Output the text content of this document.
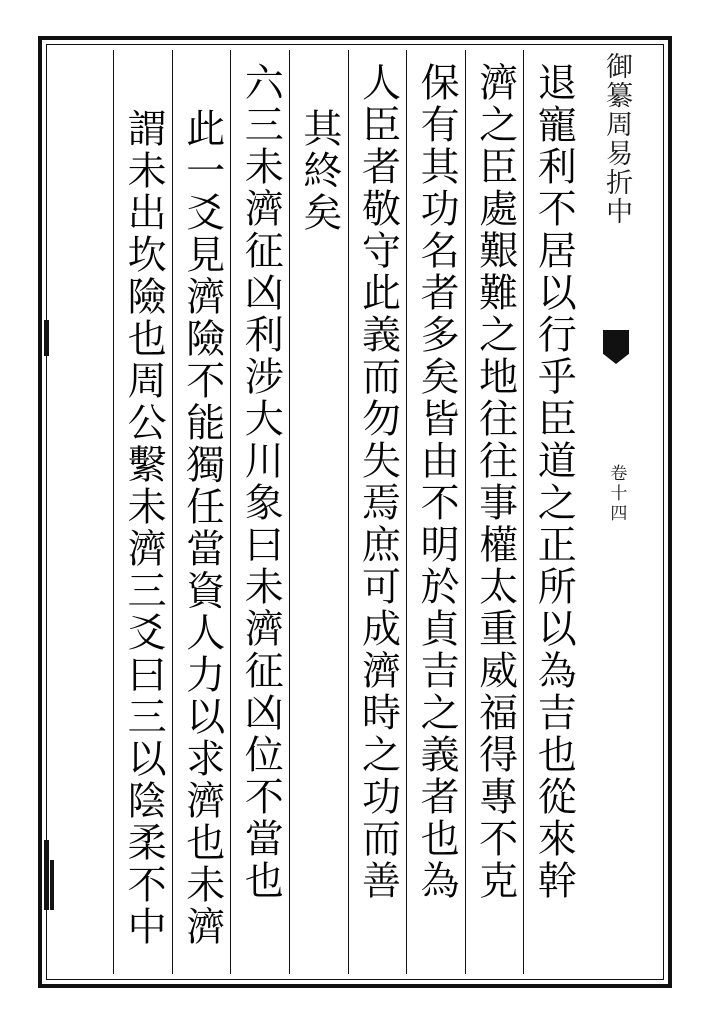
御纂周易折中
卷十四
退寵利不居以行乎臣道之正所以為吉也從來幹
濟之臣處艱難之地往往事權太重威福得專不克
保有其功名者多矣皆由不明於貞吉之義者也為
人臣者敬守此義而勿失焉庶可成濟時之功而善
其終矣
六三未濟征凶利涉大川象曰未濟征凶位不當也
此一爻見濟險不能獨任當資人力以求濟也未濟
謂未出坎險也周公繫未濟三爻曰三以陰柔不中
